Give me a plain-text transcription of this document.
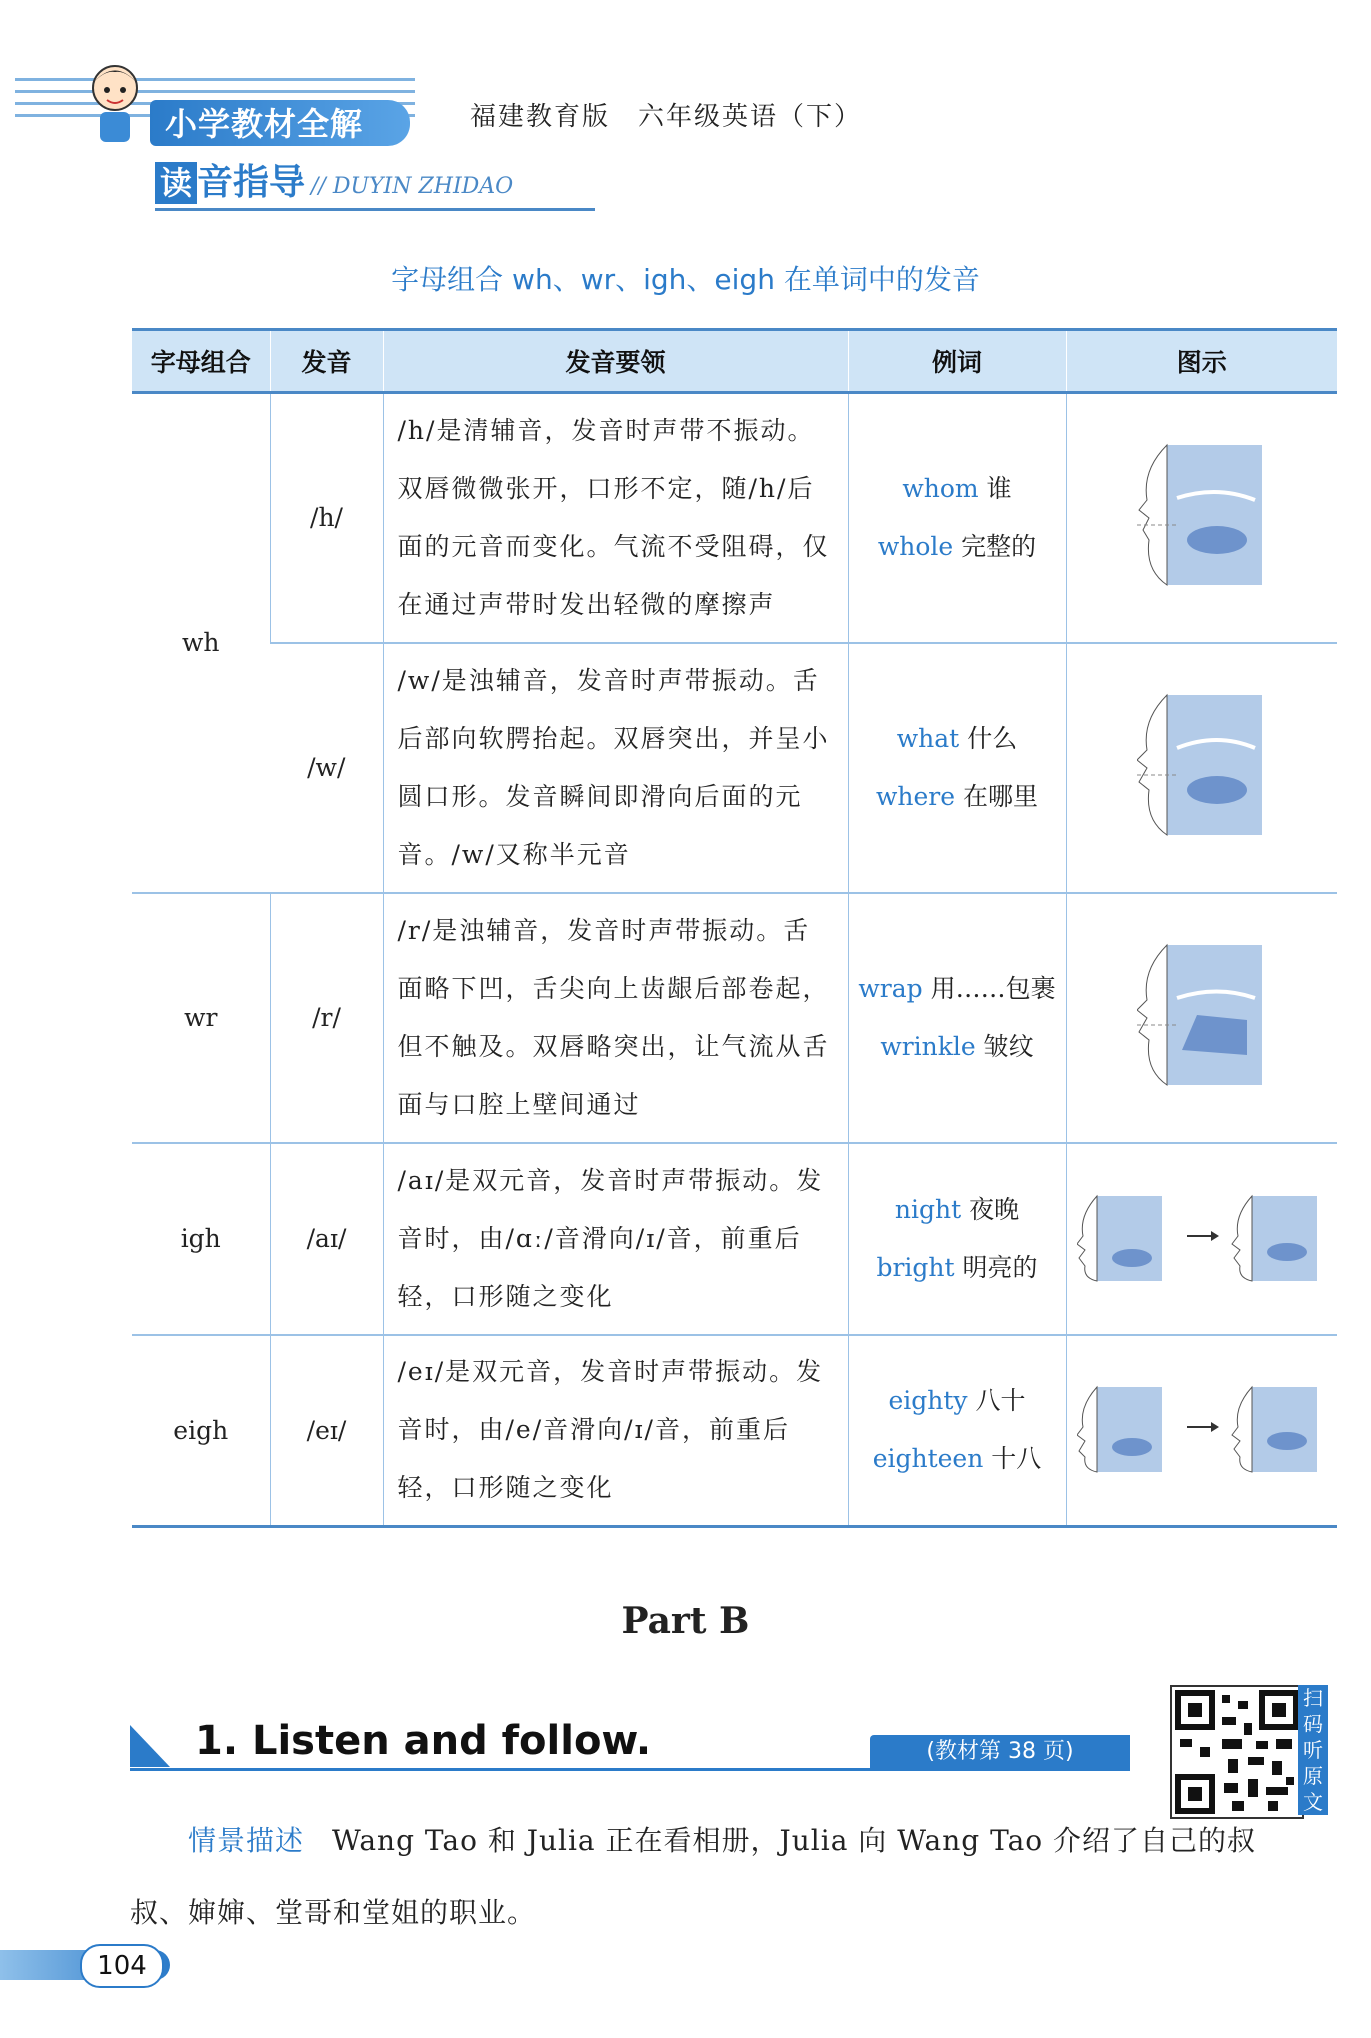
小学教材全解	福建教育版　六年级英语（下）
读 音指导 // DUYIN ZHIDAO
字母组合 wh、wr、igh、eigh 在单词中的发音
字母组合	发音	发音要领	例词	图示
wh	/h/	/h/是清辅音，发音时声带不振动。双唇微微张开，口形不定，随/h/后面的元音而变化。气流不受阻碍，仅在通过声带时发出轻微的摩擦声	whom 谁
whole 完整的

	/w/	/w/是浊辅音，发音时声带振动。舌后部向软腭抬起。双唇突出，并呈小圆口形。发音瞬间即滑向后面的元音。/w/又称半元音	what 什么
where 在哪里

wr	/r/	/r/是浊辅音，发音时声带振动。舌面略下凹，舌尖向上齿龈后部卷起，但不触及。双唇略突出，让气流从舌面与口腔上壁间通过	wrap 用……包裹
wrinkle 皱纹

igh	/aɪ/	/aɪ/是双元音，发音时声带振动。发音时，由/ɑː/音滑向/ɪ/音，前重后轻，口形随之变化	night 夜晚
bright 明亮的

eigh	/eɪ/	/eɪ/是双元音，发音时声带振动。发音时，由/e/音滑向/ɪ/音，前重后轻，口形随之变化	eighty 八十
eighteen 十八

Part B
1. Listen and follow.	(教材第 38 页)
扫码听原文
情景描述 Wang Tao 和 Julia 正在看相册，Julia 向 Wang Tao 介绍了自己的叔叔、婶婶、堂哥和堂姐的职业。
104
